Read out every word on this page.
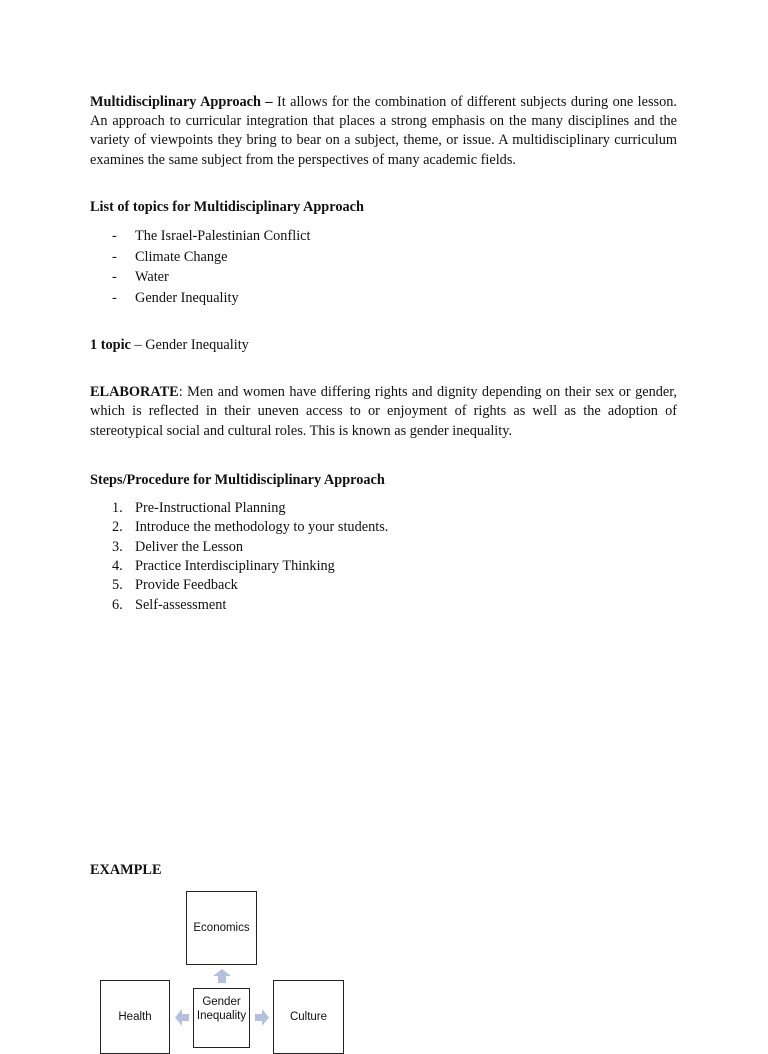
Multidisciplinary Approach – It allows for the combination of different subjects during one lesson. An approach to curricular integration that places a strong emphasis on the many disciplines and the variety of viewpoints they bring to bear on a subject, theme, or issue. A multidisciplinary curriculum examines the same subject from the perspectives of many academic fields.

List of topics for Multidisciplinary Approach

- The Israel-Palestinian Conflict
- Climate Change
- Water
- Gender Inequality

1 topic – Gender Inequality

ELABORATE: Men and women have differing rights and dignity depending on their sex or gender, which is reflected in their uneven access to or enjoyment of rights as well as the adoption of stereotypical social and cultural roles. This is known as gender inequality.

Steps/Procedure for Multidisciplinary Approach

1. Pre-Instructional Planning
2. Introduce the methodology to your students.
3. Deliver the Lesson
4. Practice Interdisciplinary Thinking
5. Provide Feedback
6. Self-assessment

EXAMPLE

Economics
Health
Gender Inequality	Culture
